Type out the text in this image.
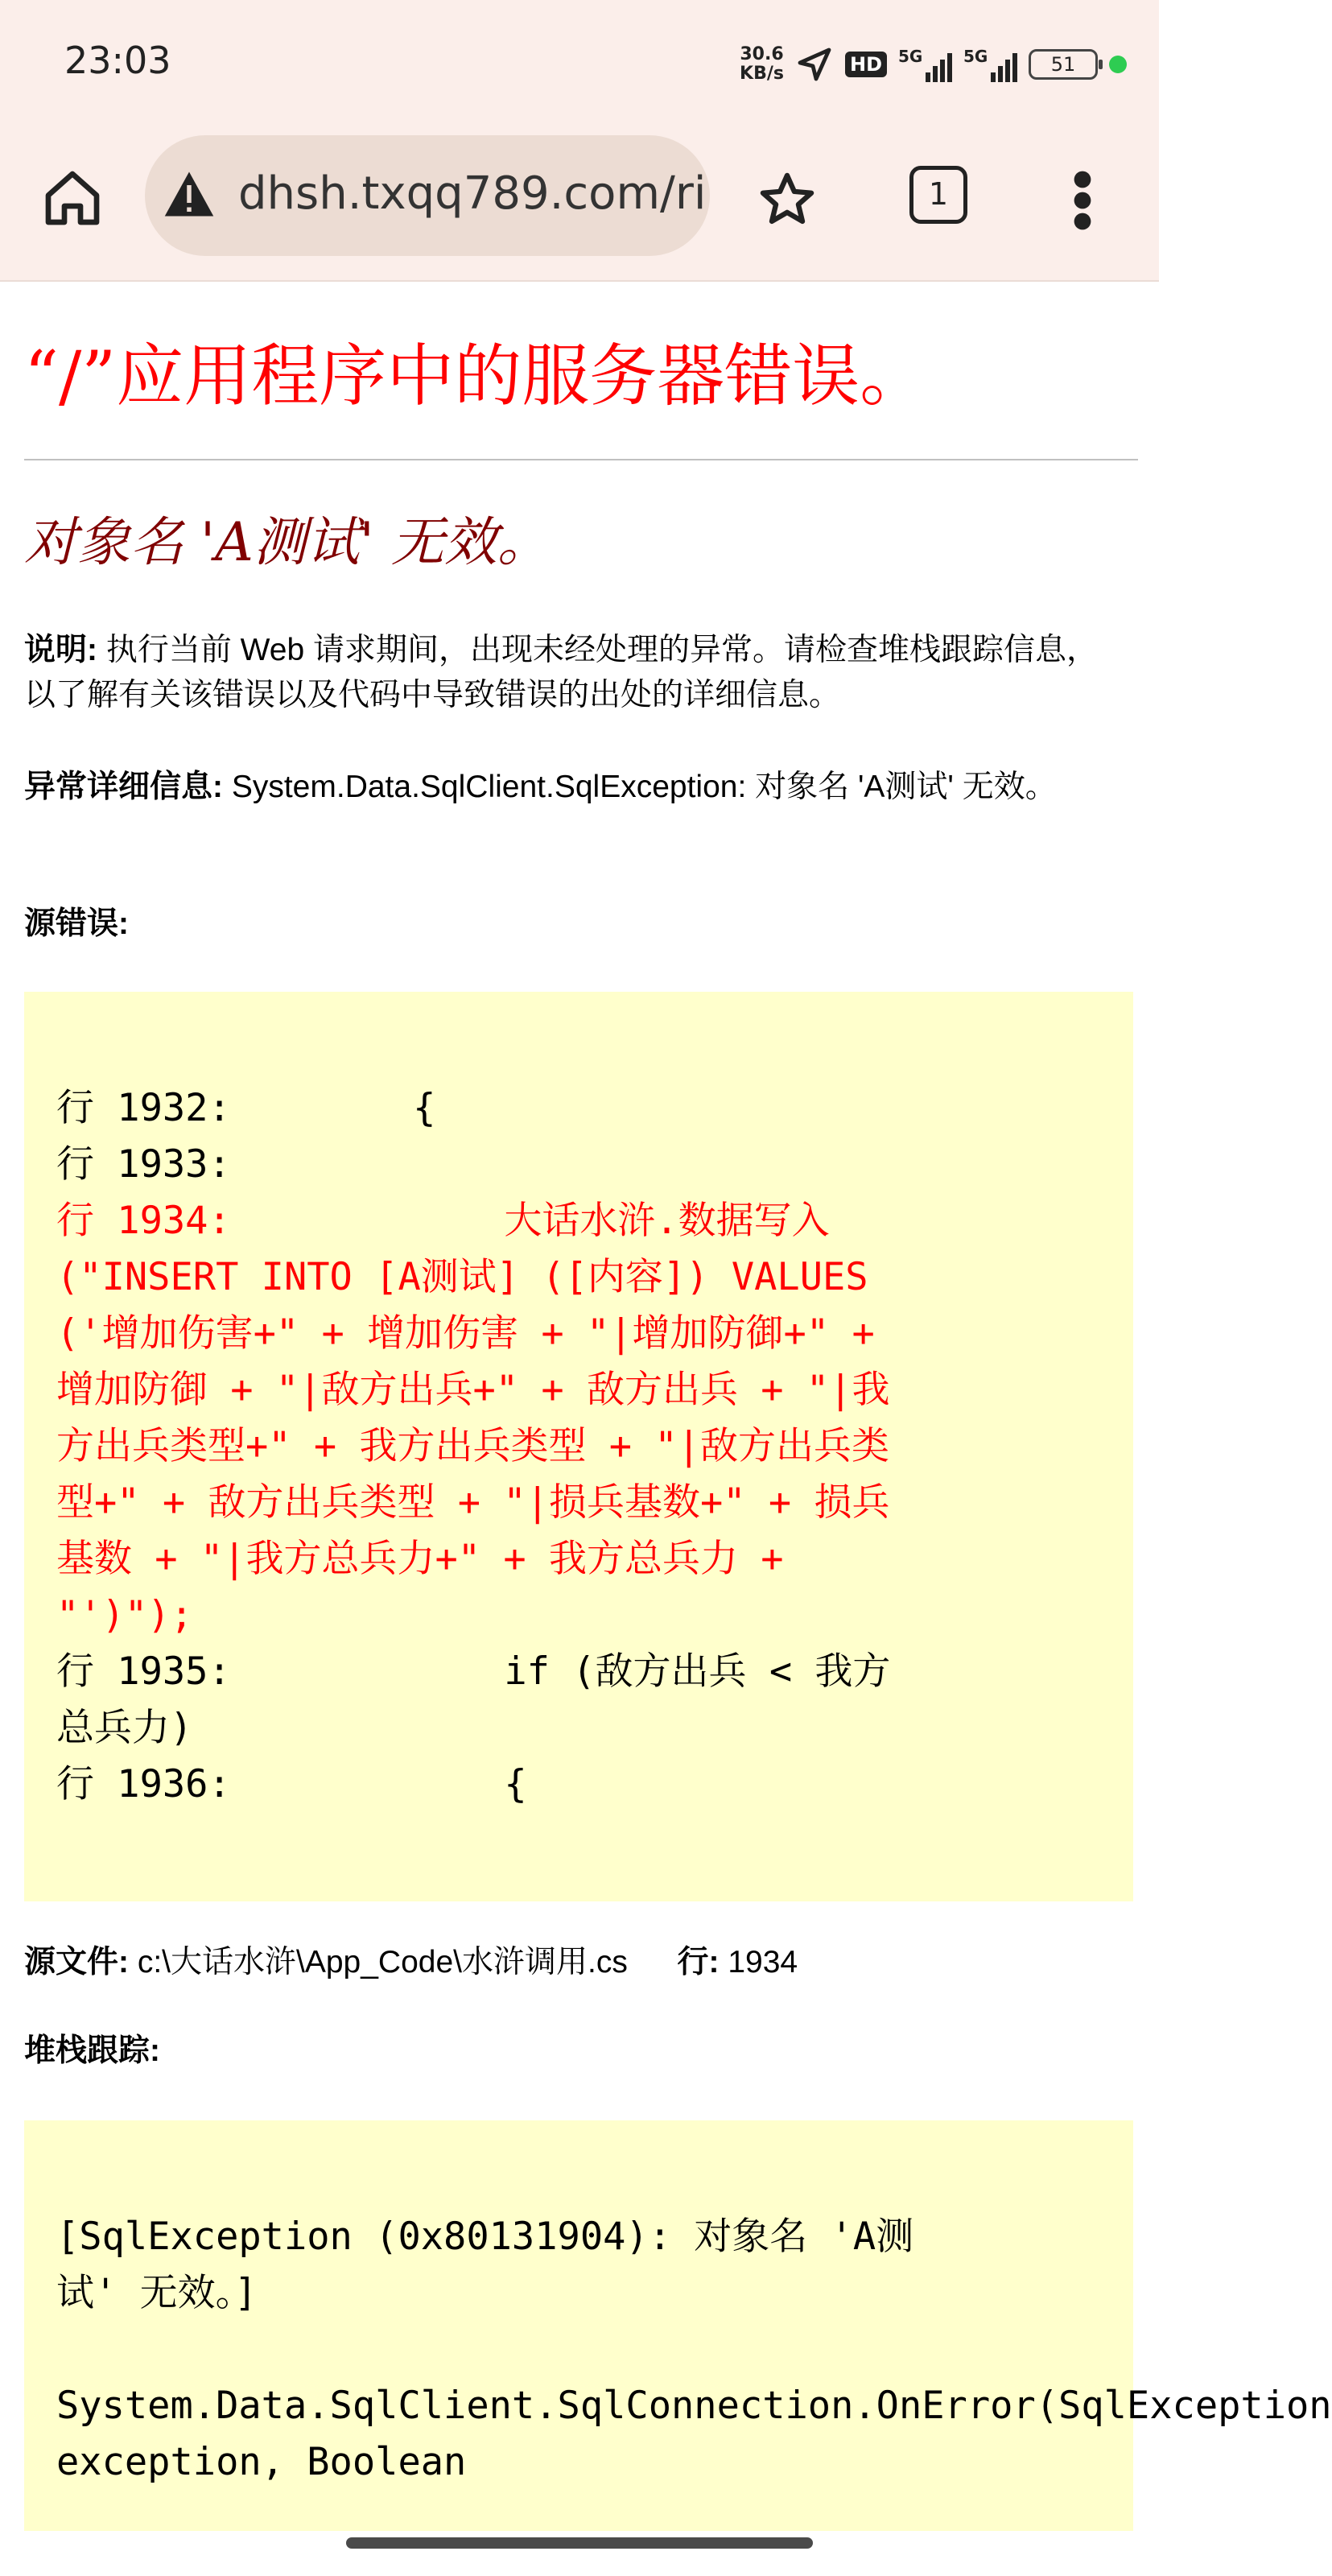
23:03	30.6
KB/s	HD	5G	5G	51
dhsh.txqq789.com/ri	1
“/”应用程序中的服务器错误。
对象名 'A测试' 无效。
说明: 执行当前 Web 请求期间，出现未经处理的异常。请检查堆栈跟踪信息，以了解有关该错误以及代码中导致错误的出处的详细信息。
异常详细信息: System.Data.SqlClient.SqlException: 对象名 'A测试' 无效。
源错误:
行 1932:        {
行 1933:
行 1934:            大话水浒.数据写入("INSERT INTO [A测试] ([内容]) VALUES ('增加伤害+" + 增加伤害 + "|增加防御+" + 增加防御 + "|敌方出兵+" + 敌方出兵 + "|我方出兵类型+" + 我方出兵类型 + "|敌方出兵类型+" + 敌方出兵类型 + "|损兵基数+" + 损兵基数 + "|我方总兵力+" + 我方总兵力 + "')");
行 1935:            if (敌方出兵 < 我方总兵力)
行 1936:            {
源文件: c:\大话水浒\App_Code\水浒调用.cs 行: 1934
堆栈跟踪:
[SqlException (0x80131904): 对象名 'A测试' 无效。]
System.Data.SqlClient.SqlConnection.OnError(SqlException exception, Boolean
